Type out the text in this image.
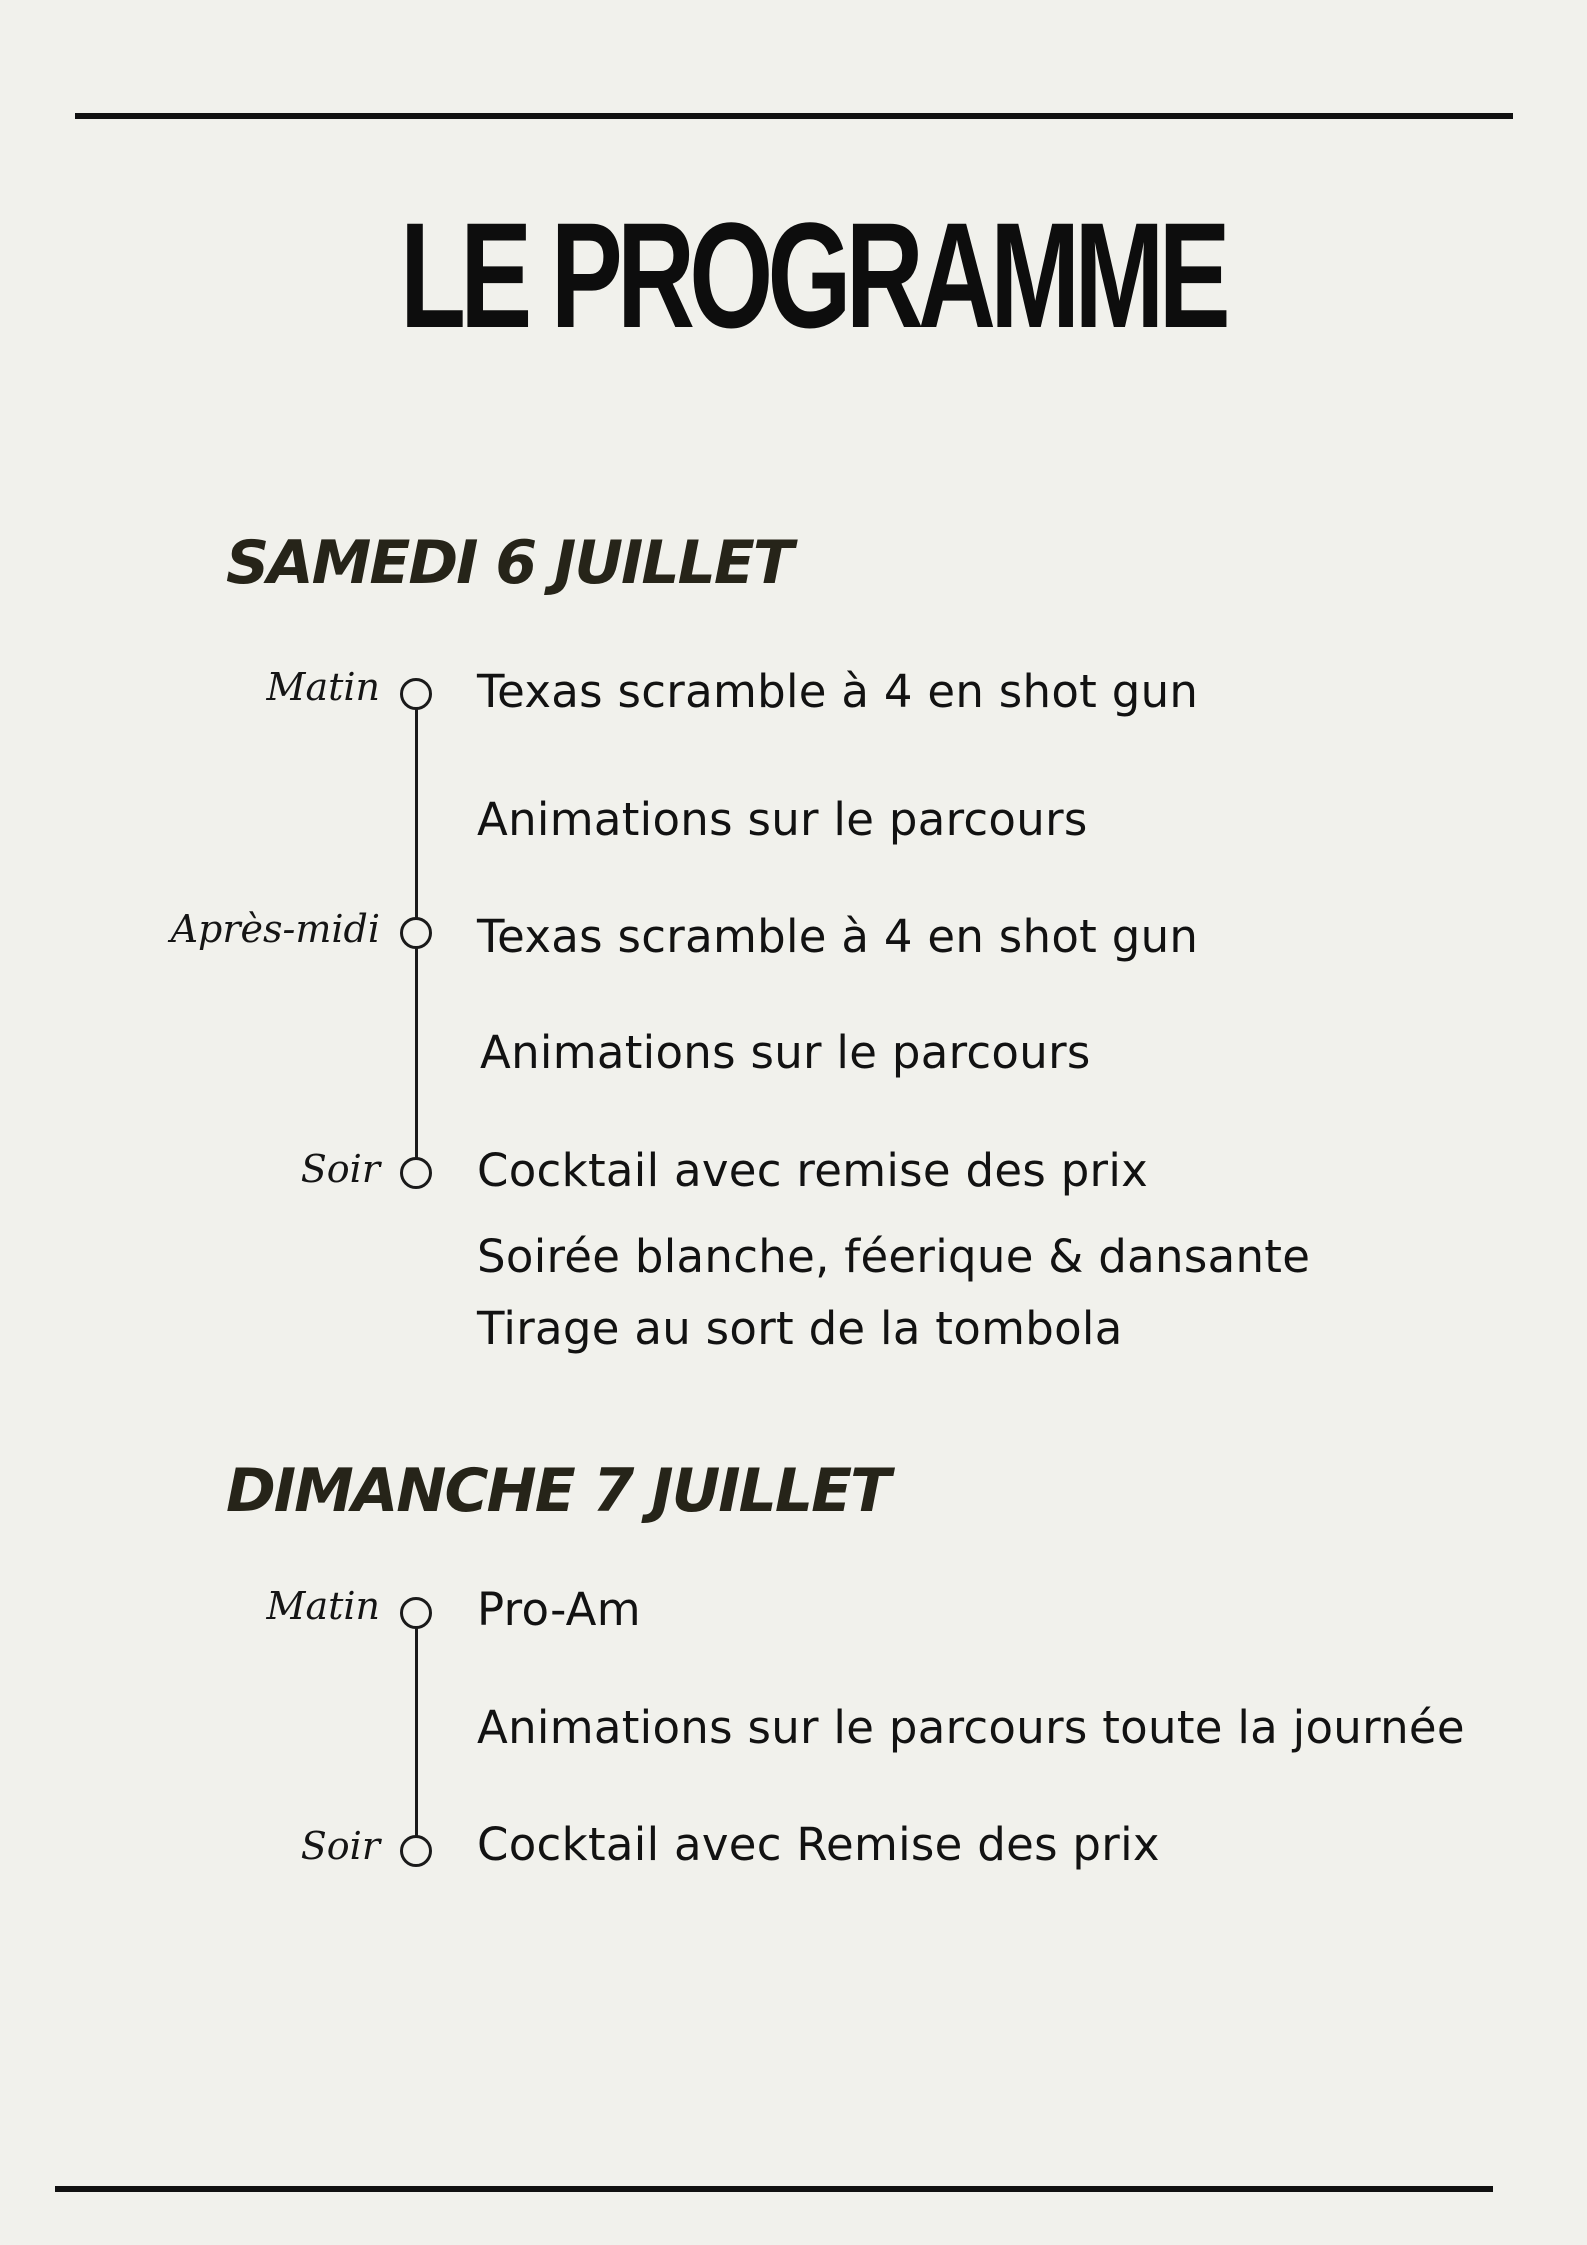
LE PROGRAMME
SAMEDI 6 JUILLET
Matin
Après-midi
Soir
Texas scramble à 4 en shot gun
Animations sur le parcours
Texas scramble à 4 en shot gun
Animations sur le parcours
Cocktail avec remise des prix
Soirée blanche, féerique & dansante
Tirage au sort de la tombola
DIMANCHE 7 JUILLET
Matin
Soir
Pro-Am
Animations sur le parcours toute la journée
Cocktail avec Remise des prix
